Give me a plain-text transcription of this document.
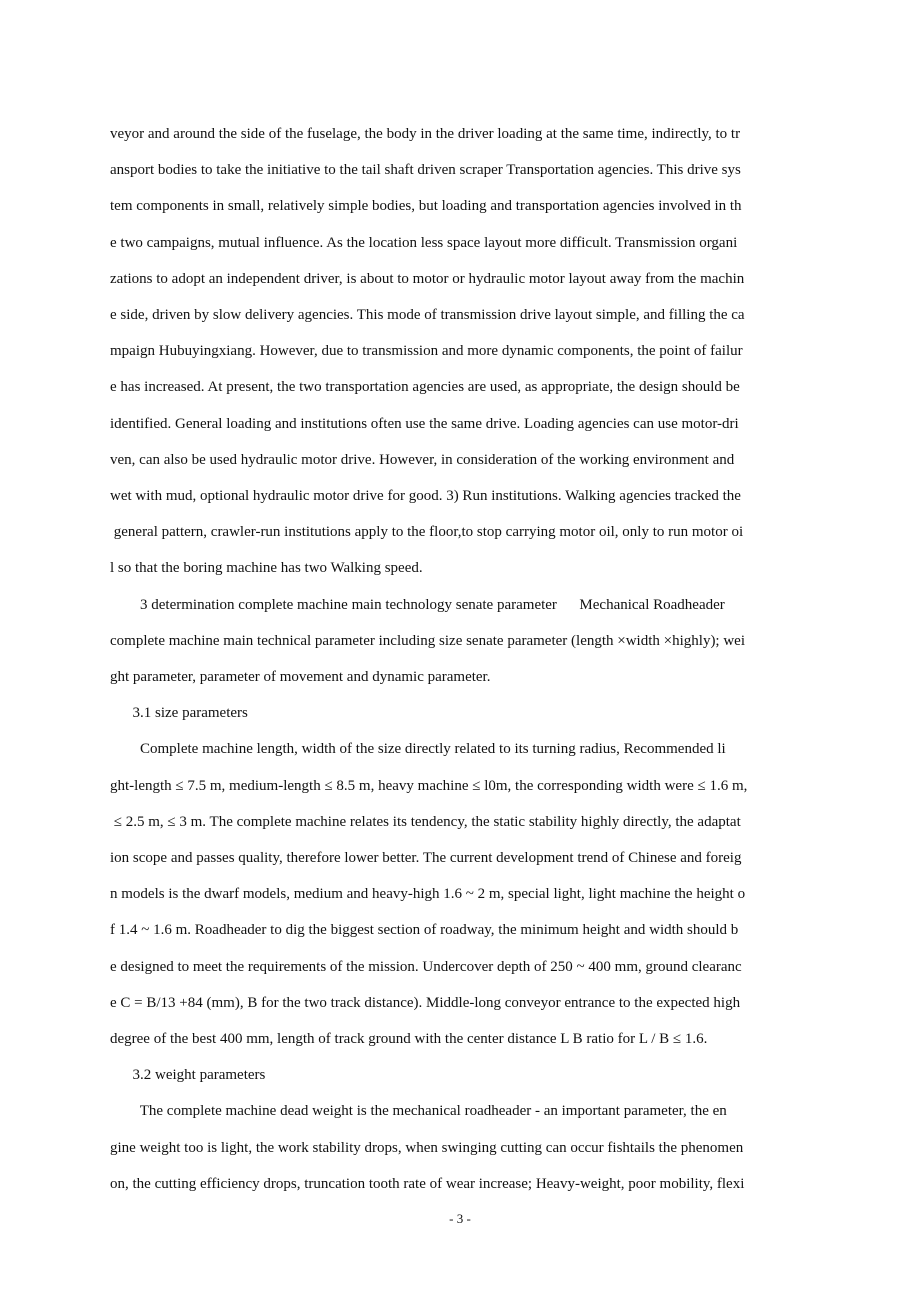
veyor and around the side of the fuselage, the body in the driver loading at the same time, indirectly, to tr
ansport bodies to take the initiative to the tail shaft driven scraper Transportation agencies. This drive sys
tem components in small, relatively simple bodies, but loading and transportation agencies involved in th
e two campaigns, mutual influence. As the location less space layout more difficult. Transmission organi
zations to adopt an independent driver, is about to motor or hydraulic motor layout away from the machin
e side, driven by slow delivery agencies. This mode of transmission drive layout simple, and filling the ca
mpaign Hubuyingxiang. However, due to transmission and more dynamic components, the point of failur
e has increased. At present, the two transportation agencies are used, as appropriate, the design should be
identified. General loading and institutions often use the same drive. Loading agencies can use motor-dri
ven, can also be used hydraulic motor drive. However, in consideration of the working environment and
wet with mud, optional hydraulic motor drive for good. 3) Run institutions. Walking agencies tracked the
general pattern, crawler-run institutions apply to the floor,to stop carrying motor oil, only to run motor oi
l so that the boring machine has two Walking speed.
3 determination complete machine main technology senate parameter      Mechanical Roadheader
complete machine main technical parameter including size senate parameter (length ×width ×highly); wei
ght parameter, parameter of movement and dynamic parameter.
3.1 size parameters
Complete machine length, width of the size directly related to its turning radius, Recommended li
ght-length ≤ 7.5 m, medium-length ≤ 8.5 m, heavy machine ≤ l0m, the corresponding width were ≤ 1.6 m,
≤ 2.5 m, ≤ 3 m. The complete machine relates its tendency, the static stability highly directly, the adaptat
ion scope and passes quality, therefore lower better. The current development trend of Chinese and foreig
n models is the dwarf models, medium and heavy-high 1.6 ~ 2 m, special light, light machine the height o
f 1.4 ~ 1.6 m. Roadheader to dig the biggest section of roadway, the minimum height and width should b
e designed to meet the requirements of the mission. Undercover depth of 250 ~ 400 mm, ground clearanc
e C = B/13 +84 (mm), B for the two track distance). Middle-long conveyor entrance to the expected high
degree of the best 400 mm, length of track ground with the center distance L B ratio for L / B ≤ 1.6.
3.2 weight parameters
The complete machine dead weight is the mechanical roadheader - an important parameter, the en
gine weight too is light, the work stability drops, when swinging cutting can occur fishtails the phenomen
on, the cutting efficiency drops, truncation tooth rate of wear increase; Heavy-weight, poor mobility, flexi
- 3 -
